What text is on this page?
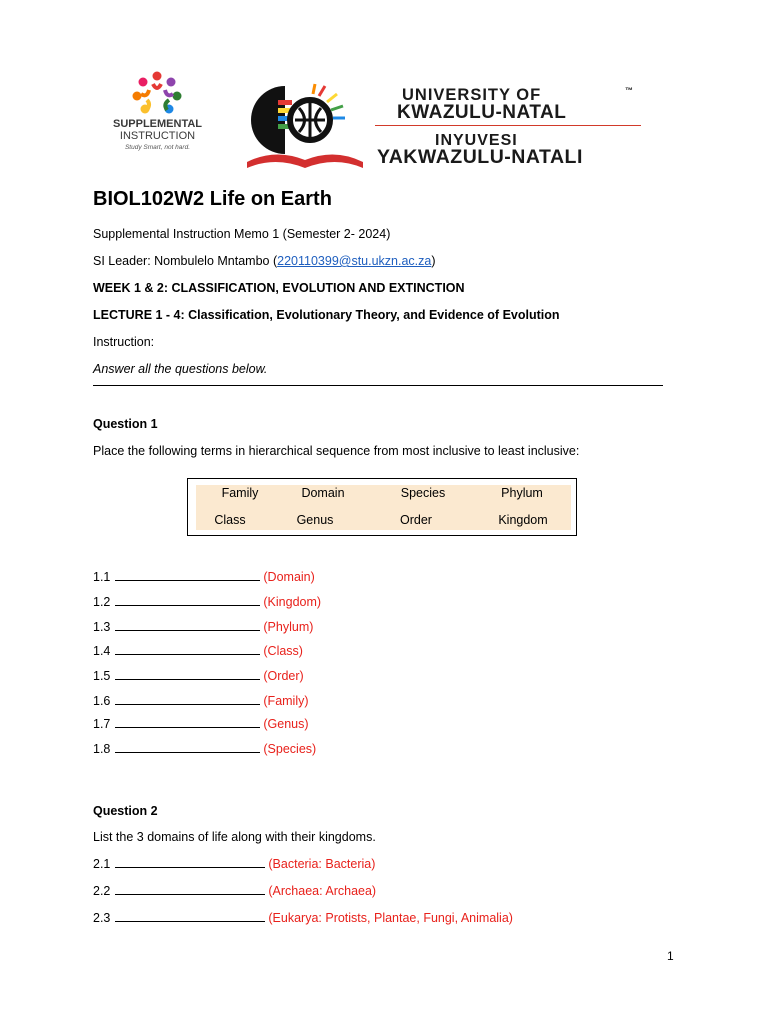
SUPPLEMENTAL
INSTRUCTION
Study Smart, not hard.
UNIVERSITY OF	™
KWAZULU-NATAL
INYUVESI
YAKWAZULU-NATALI
BIOL102W2 Life on Earth
Supplemental Instruction Memo 1 (Semester 2- 2024)
SI Leader: Nombulelo Mntambo (220110399@stu.ukzn.ac.za)
WEEK 1 & 2: CLASSIFICATION, EVOLUTION AND EXTINCTION
LECTURE 1 - 4: Classification, Evolutionary Theory, and Evidence of Evolution
Instruction:
Answer all the questions below.
Question 1
Place the following terms in hierarchical sequence from most inclusive to least inclusive:
Family	Domain	Species	Phylum
Class	Genus	Order	Kingdom
1.1	(Domain)
1.2	(Kingdom)
1.3	(Phylum)
1.4	(Class)
1.5	(Order)
1.6	(Family)
1.7	(Genus)
1.8	(Species)
Question 2
List the 3 domains of life along with their kingdoms.
2.1	(Bacteria: Bacteria)
2.2	(Archaea: Archaea)
2.3	(Eukarya: Protists, Plantae, Fungi, Animalia)
1
